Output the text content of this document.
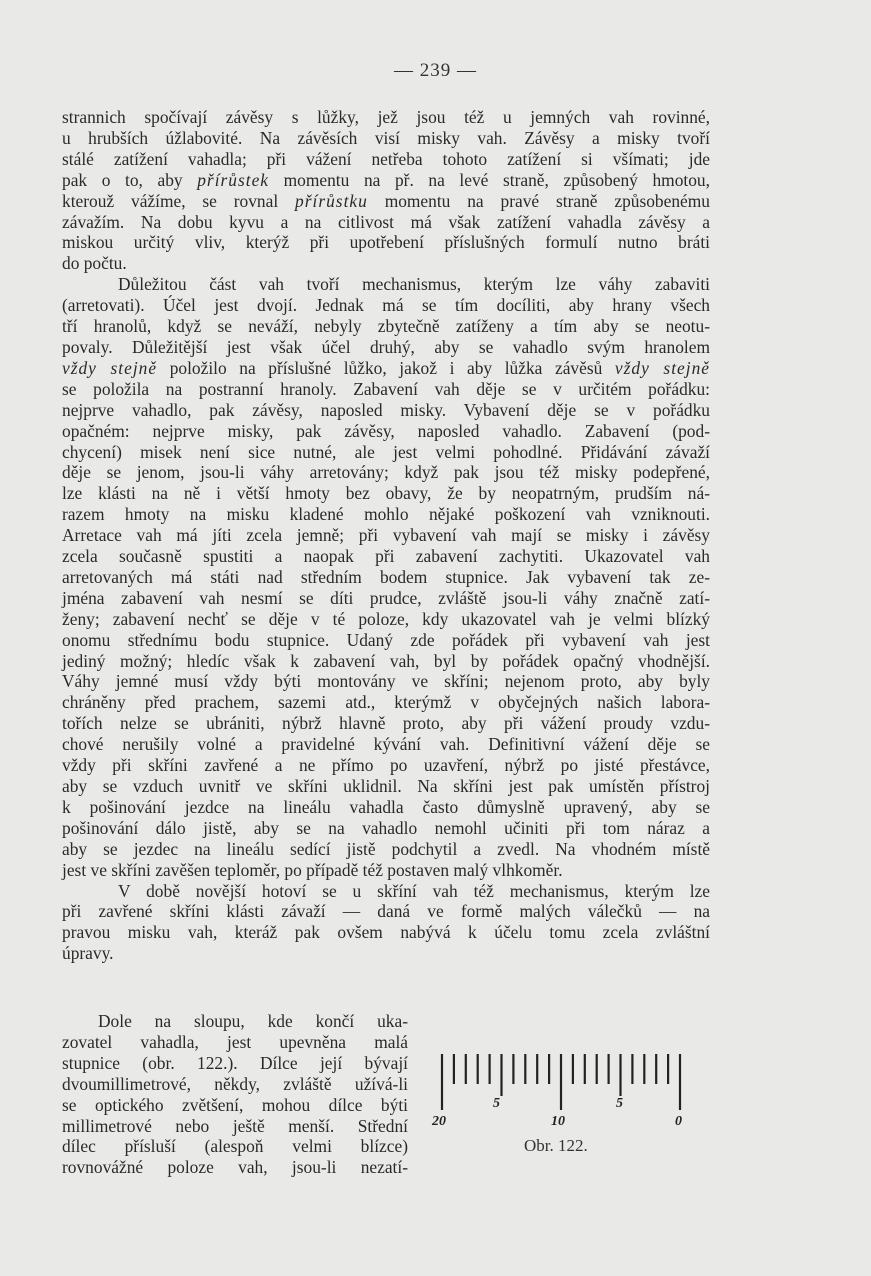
— 239 —

strannich spočívají závěsy s lůžky, jež jsou též u jemných vah rovinné,
u hrubších úžlabovité. Na závěsích visí misky vah. Závěsy a misky tvoří
stálé zatížení vahadla; při vážení netřeba tohoto zatížení si všímati; jde
pak o to, aby přírůstek momentu na př. na levé straně, způsobený hmotou,
kterouž vážíme, se rovnal přírůstku momentu na pravé straně způsobenému
závažím. Na dobu kyvu a na citlivost má však zatížení vahadla závěsy a
miskou určitý vliv, kterýž při upotřebení příslušných formulí nutno bráti
do počtu.

Důležitou část vah tvoří mechanismus, kterým lze váhy zabaviti
(arretovati). Účel jest dvojí. Jednak má se tím docíliti, aby hrany všech
tří hranolů, když se neváží, nebyly zbytečně zatíženy a tím aby se neotu-
povaly. Důležitější jest však účel druhý, aby se vahadlo svým hranolem
vždy stejně položilo na příslušné lůžko, jakož i aby lůžka závěsů vždy stejně
se položila na postranní hranoly. Zabavení vah děje se v určitém pořádku:
nejprve vahadlo, pak závěsy, naposled misky. Vybavení děje se v pořádku
opačném: nejprve misky, pak závěsy, naposled vahadlo. Zabavení (pod-
chycení) misek není sice nutné, ale jest velmi pohodlné. Přidávání závaží
děje se jenom, jsou-li váhy arretovány; když pak jsou též misky podepřené,
lze klásti na ně i větší hmoty bez obavy, že by neopatrným, prudším ná-
razem hmoty na misku kladené mohlo nějaké poškození vah vzniknouti.
Arretace vah má jíti zcela jemně; při vybavení vah mají se misky i závěsy
zcela současně spustiti a naopak při zabavení zachytiti. Ukazovatel vah
arretovaných má státi nad středním bodem stupnice. Jak vybavení tak ze-
jména zabavení vah nesmí se díti prudce, zvláště jsou-li váhy značně zatí-
ženy; zabavení nechť se děje v té poloze, kdy ukazovatel vah je velmi blízký
onomu střednímu bodu stupnice. Udaný zde pořádek při vybavení vah jest
jediný možný; hledíc však k zabavení vah, byl by pořádek opačný vhodnější.
Váhy jemné musí vždy býti montovány ve skříni; nejenom proto, aby byly
chráněny před prachem, sazemi atd., kterýmž v obyčejných našich labora-
tořích nelze se ubrániti, nýbrž hlavně proto, aby při vážení proudy vzdu-
chové nerušily volné a pravidelné kývání vah. Definitivní vážení děje se
vždy při skříni zavřené a ne přímo po uzavření, nýbrž po jisté přestávce,
aby se vzduch uvnitř ve skříni uklidnil. Na skříni jest pak umístěn přístroj
k pošinování jezdce na lineálu vahadla často důmyslně upravený, aby se
pošinování dálo jistě, aby se na vahadlo nemohl učiniti při tom náraz a
aby se jezdec na lineálu sedící jistě podchytil a zvedl. Na vhodném místě
jest ve skříni zavěšen teploměr, po případě též postaven malý vlhkoměr.

V době novější hotoví se u skříní vah též mechanismus, kterým lze
při zavřené skříni klásti závaží — daná ve formě malých válečků — na
pravou misku vah, kteráž pak ovšem nabývá k účelu tomu zcela zvláštní
úpravy.

Dole na sloupu, kde končí uka-
zovatel vahadla, jest upevněna malá
stupnice (obr. 122.). Dílce její bývají
dvoumillimetrové, někdy, zvláště užívá-li
se optického zvětšení, mohou dílce býti
millimetrové nebo ještě menší. Střední
dílec přísluší (alespoň velmi blízce)
rovnovážné poloze vah, jsou-li nezatí-
20
5
10
5
0
Obr. 122.
